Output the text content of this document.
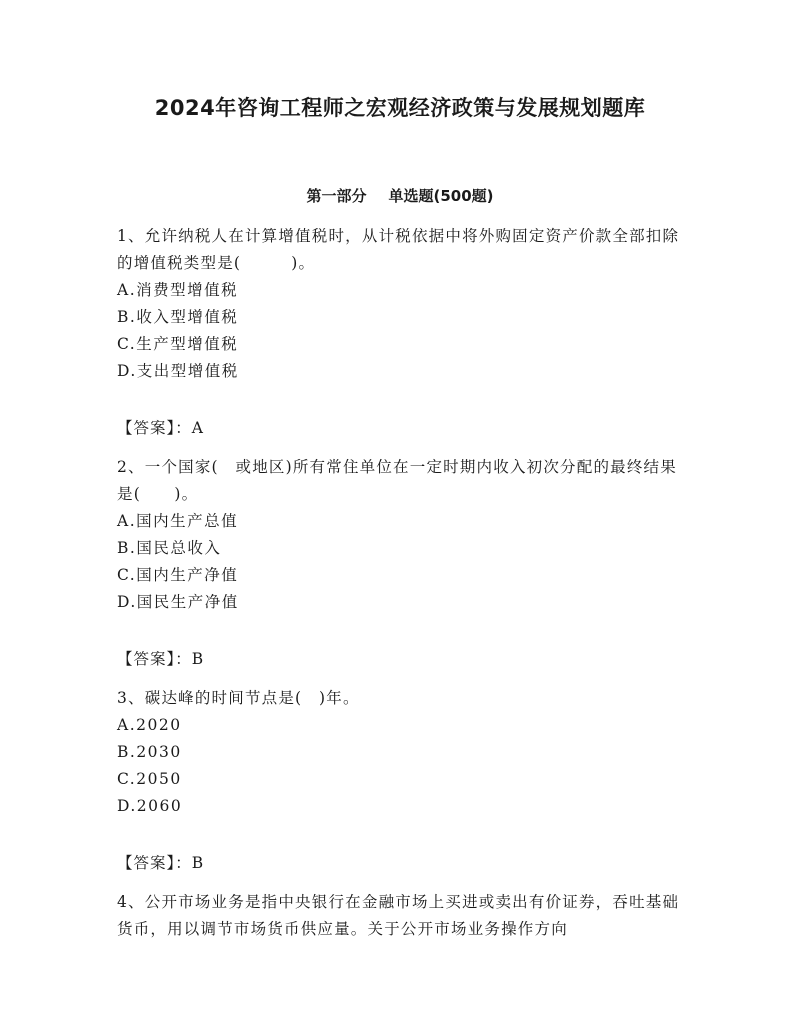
2024年咨询工程师之宏观经济政策与发展规划题库
第一部分 单选题(500题)

1、允许纳税人在计算增值税时，从计税依据中将外购固定资产价款全部扣除的增值税类型是(　　　)。

A.消费型增值税

B.收入型增值税

C.生产型增值税

D.支出型增值税

【答案】：A

2、一个国家(　或地区)所有常住单位在一定时期内收入初次分配的最终结果是(　　)。

A.国内生产总值

B.国民总收入

C.国内生产净值

D.国民生产净值

【答案】：B

3、碳达峰的时间节点是(　)年。

A.2020

B.2030

C.2050

D.2060

【答案】：B

4、公开市场业务是指中央银行在金融市场上买进或卖出有价证券，吞吐基础货币，用以调节市场货币供应量。关于公开市场业务操作方向
